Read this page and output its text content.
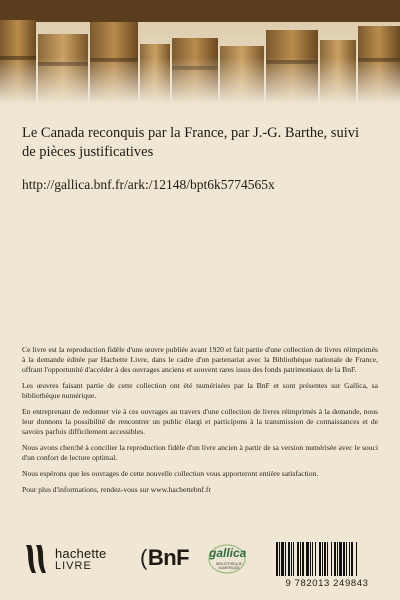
Le Canada reconquis par la France, par J.-G. Barthe, suivi de pièces justificatives

http://gallica.bnf.fr/ark:/12148/bpt6k5774565x

Ce livre est la reproduction fidèle d'une œuvre publiée avant 1920 et fait partie d'une collection de livres réimprimés à la demande éditée par Hachette Livre, dans le cadre d'un partenariat avec la Bibliothèque nationale de France, offrant l'opportunité d'accéder à des ouvrages anciens et souvent rares issus des fonds patrimoniaux de la BnF.

Les œuvres faisant partie de cette collection ont été numérisées par la BnF et sont présentes sur Gallica, sa bibliothèque numérique.

En entreprenant de redonner vie à ces ouvrages au travers d'une collection de livres réimprimés à la demande, nous leur donnons la possibilité de rencontrer un public élargi et participons à la transmission de connaissances et de savoirs parfois difficilement accessibles.

Nous avons cherché à concilier la reproduction fidèle d'un livre ancien à partir de sa version numérisée avec le souci d'un confort de lecture optimal.

Nous espérons que les ouvrages de cette nouvelle collection vous apporteront entière satisfaction.

Pour plus d'informations, rendez-vous sur www.hachettebnf.fr

hachette
LIVRE	(BnF gallica
BIBLIOTHÈQUE NUMÉRIQUE
9 782013 249843
